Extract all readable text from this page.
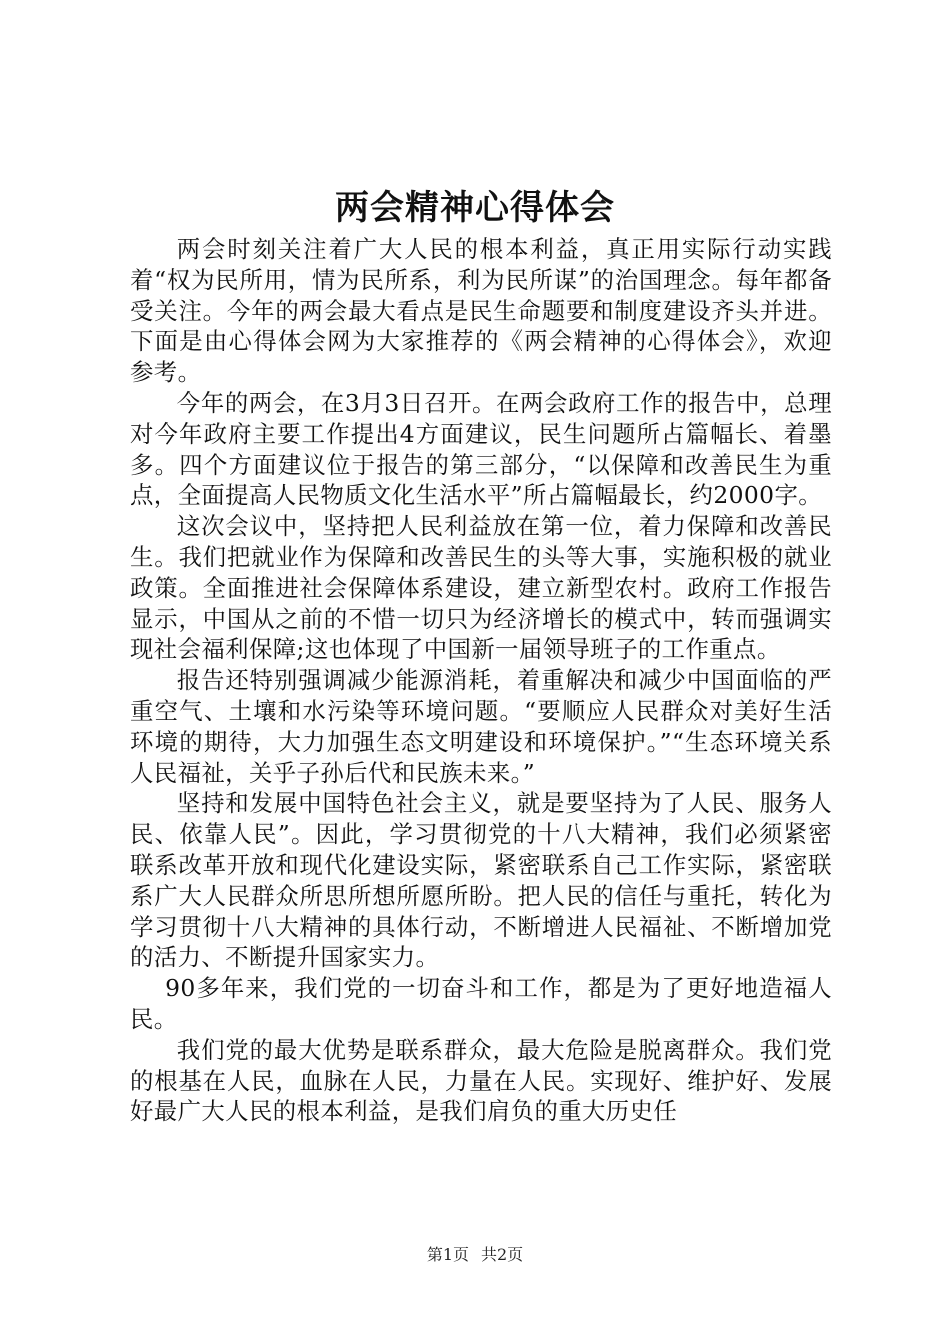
两会精神心得体会

两会时刻关注着广大人民的根本利益，真正用实际行动实践着“权为民所用，情为民所系，利为民所谋”的治国理念。每年都备受关注。今年的两会最大看点是民生命题要和制度建设齐头并进。下面是由心得体会网为大家推荐的《两会精神的心得体会》，欢迎参考。

今年的两会，在3月3日召开。在两会政府工作的报告中，总理对今年政府主要工作提出4方面建议，民生问题所占篇幅长、着墨多。四个方面建议位于报告的第三部分，“以保障和改善民生为重点，全面提高人民物质文化生活水平”所占篇幅最长，约2000字。

这次会议中，坚持把人民利益放在第一位，着力保障和改善民生。我们把就业作为保障和改善民生的头等大事，实施积极的就业政策。全面推进社会保障体系建设，建立新型农村。政府工作报告显示，中国从之前的不惜一切只为经济增长的模式中，转而强调实现社会福利保障;这也体现了中国新一届领导班子的工作重点。

报告还特别强调减少能源消耗，着重解决和减少中国面临的严重空气、土壤和水污染等环境问题。“要顺应人民群众对美好生活环境的期待，大力加强生态文明建设和环境保护。”“生态环境关系人民福祉，关乎子孙后代和民族未来。”

坚持和发展中国特色社会主义，就是要坚持为了人民、服务人民、依靠人民”。因此，学习贯彻党的十八大精神，我们必须紧密联系改革开放和现代化建设实际，紧密联系自己工作实际，紧密联系广大人民群众所思所想所愿所盼。把人民的信任与重托，转化为学习贯彻十八大精神的具体行动，不断增进人民福祉、不断增加党的活力、不断提升国家实力。

90多年来，我们党的一切奋斗和工作，都是为了更好地造福人民。

我们党的最大优势是联系群众，最大危险是脱离群众。我们党的根基在人民，血脉在人民，力量在人民。实现好、维护好、发展好最广大人民的根本利益，是我们肩负的重大历史任

第1页 共2页
